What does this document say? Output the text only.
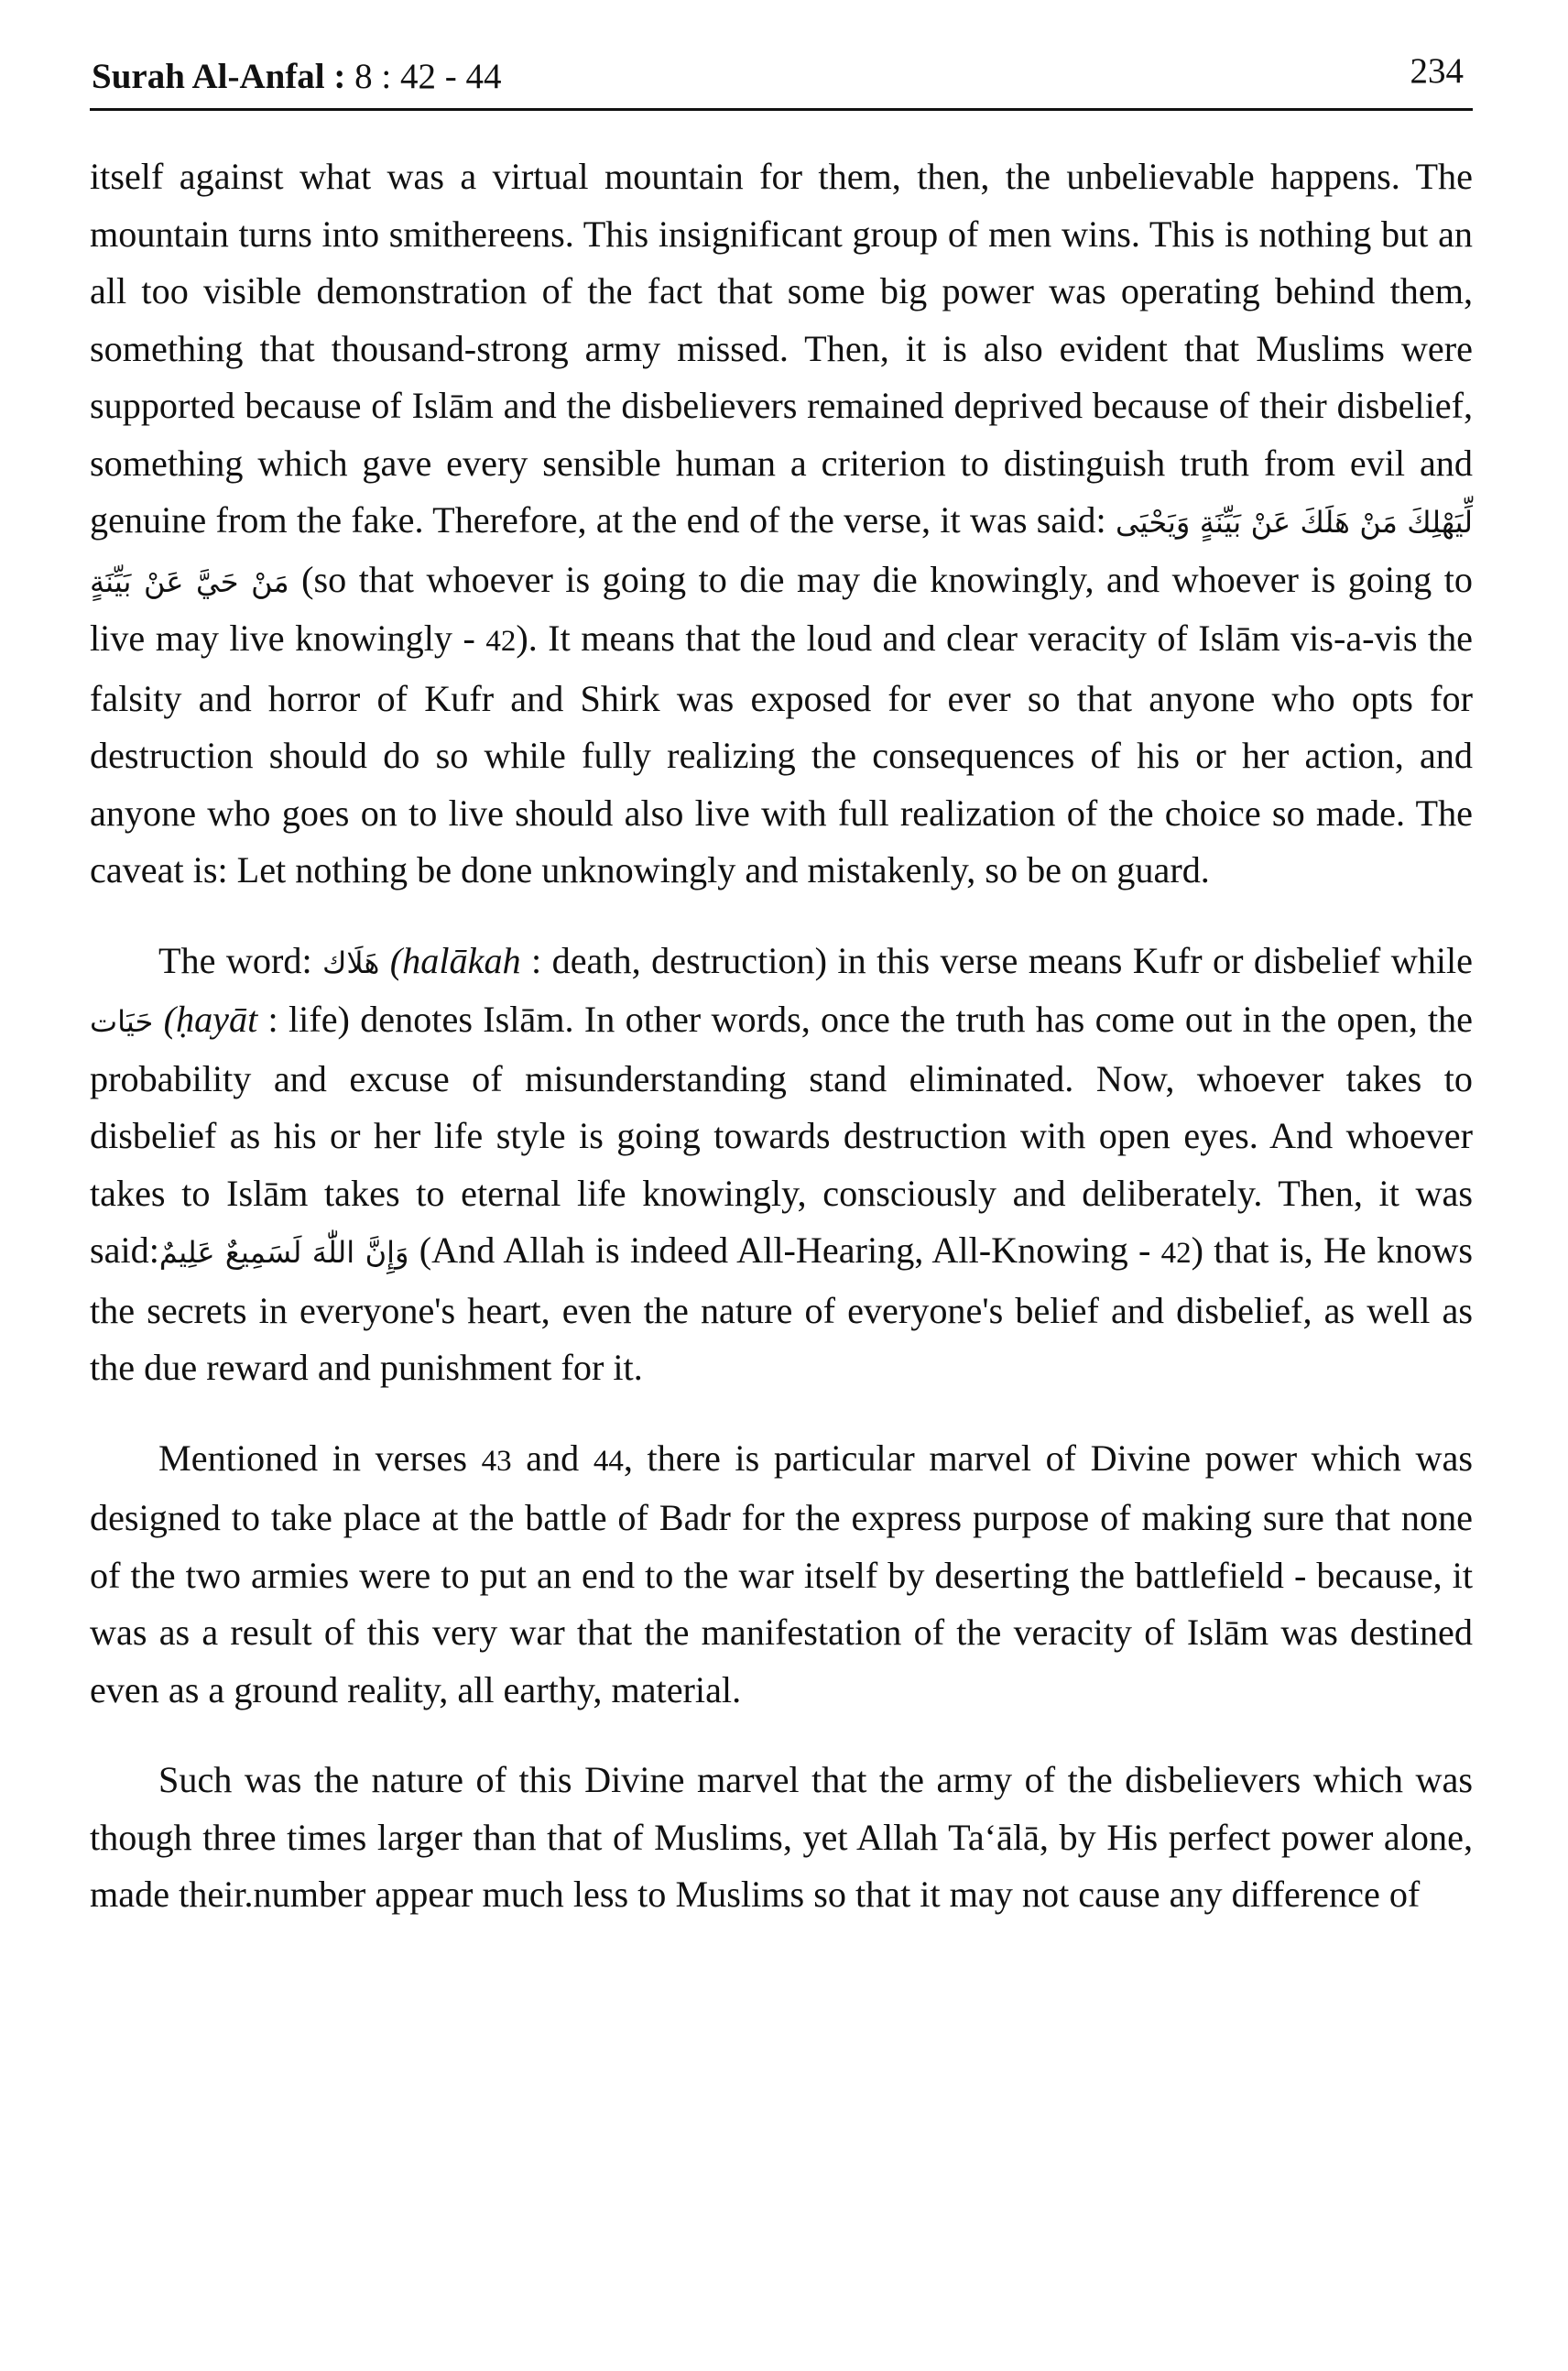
Surah Al-Anfal : 8 : 42 - 44	234

itself against what was a virtual mountain for them, then, the unbelievable happens. The mountain turns into smithereens. This insignificant group of men wins. This is nothing but an all too visible demonstration of the fact that some big power was operating behind them, something that thousand-strong army missed. Then, it is also evident that Muslims were supported because of Islām and the disbelievers remained deprived because of their disbelief, something which gave every sensible human a criterion to distinguish truth from evil and genuine from the fake. Therefore, at the end of the verse, it was said: لِّيَهْلِكَ مَنْ هَلَكَ عَنْ بَيِّنَةٍ وَيَحْيَى مَنْ حَيَّ عَنْ بَيِّنَةٍ (so that whoever is going to die may die knowingly, and whoever is going to live may live knowingly - 42). It means that the loud and clear veracity of Islām vis-a-vis the falsity and horror of Kufr and Shirk was exposed for ever so that anyone who opts for destruction should do so while fully realizing the consequences of his or her action, and anyone who goes on to live should also live with full realization of the choice so made. The caveat is: Let nothing be done unknowingly and mistakenly, so be on guard.

The word: هَلَاك (halākah : death, destruction) in this verse means Kufr or disbelief while حَيَات (ḥayāt : life) denotes Islām. In other words, once the truth has come out in the open, the probability and excuse of misunderstanding stand eliminated. Now, whoever takes to disbelief as his or her life style is going towards destruction with open eyes. And whoever takes to Islām takes to eternal life knowingly, consciously and deliberately. Then, it was said:وَإِنَّ اللّٰهَ لَسَمِيعٌ عَلِيمٌ (And Allah is indeed All-Hearing, All-Knowing - 42) that is, He knows the secrets in everyone's heart, even the nature of everyone's belief and disbelief, as well as the due reward and punishment for it.

Mentioned in verses 43 and 44, there is particular marvel of Divine power which was designed to take place at the battle of Badr for the express purpose of making sure that none of the two armies were to put an end to the war itself by deserting the battlefield - because, it was as a result of this very war that the manifestation of the veracity of Islām was destined even as a ground reality, all earthy, material.

Such was the nature of this Divine marvel that the army of the disbelievers which was though three times larger than that of Muslims, yet Allah Ta‘ālā, by His perfect power alone, made their.number appear much less to Muslims so that it may not cause any difference of
